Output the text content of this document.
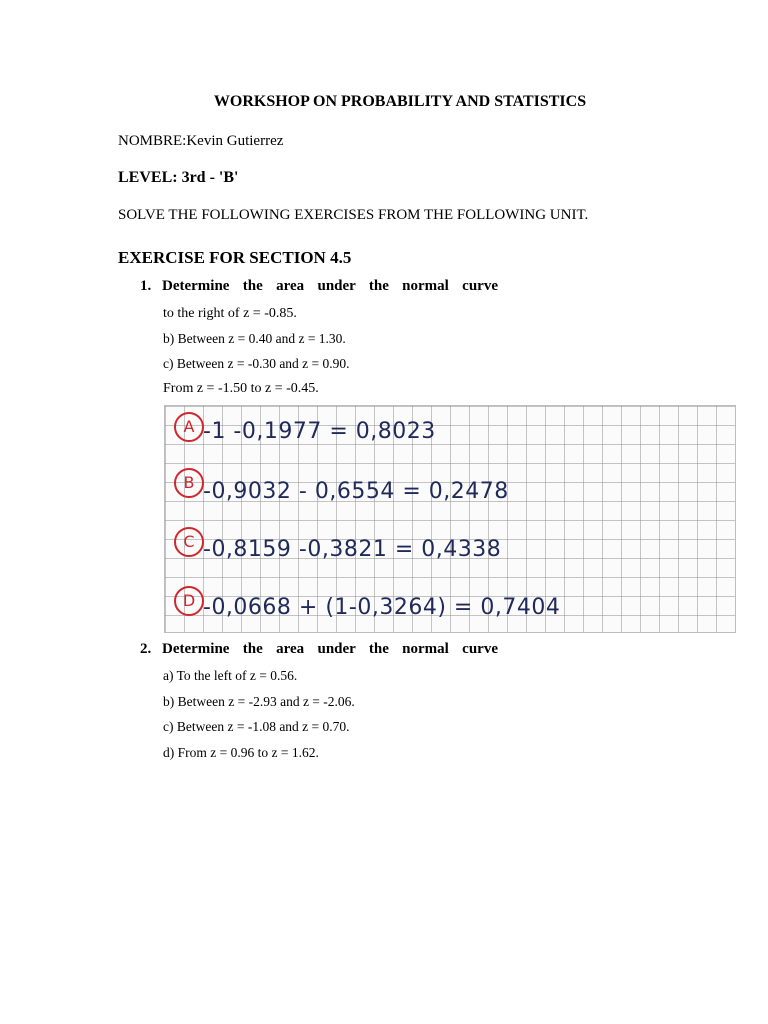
WORKSHOP ON PROBABILITY AND STATISTICS
NOMBRE:Kevin Gutierrez
LEVEL: 3rd - 'B'
SOLVE THE FOLLOWING EXERCISES FROM THE FOLLOWING UNIT.
EXERCISE FOR SECTION 4.5
1. Determine the area under the normal curve
to the right of z = -0.85.
b) Between z = 0.40 and z = 1.30.
c) Between z = -0.30 and z = 0.90.
From z = -1.50 to z = -0.45.
A -1 -0,1977 = 0,8023
B -0,9032 - 0,6554 = 0,2478
C -0,8159 -0,3821 = 0,4338
D -0,0668 + (1-0,3264) = 0,7404
2. Determine the area under the normal curve
a) To the left of z = 0.56.
b) Between z = -2.93 and z = -2.06.
c) Between z = -1.08 and z = 0.70.
d) From z = 0.96 to z = 1.62.
